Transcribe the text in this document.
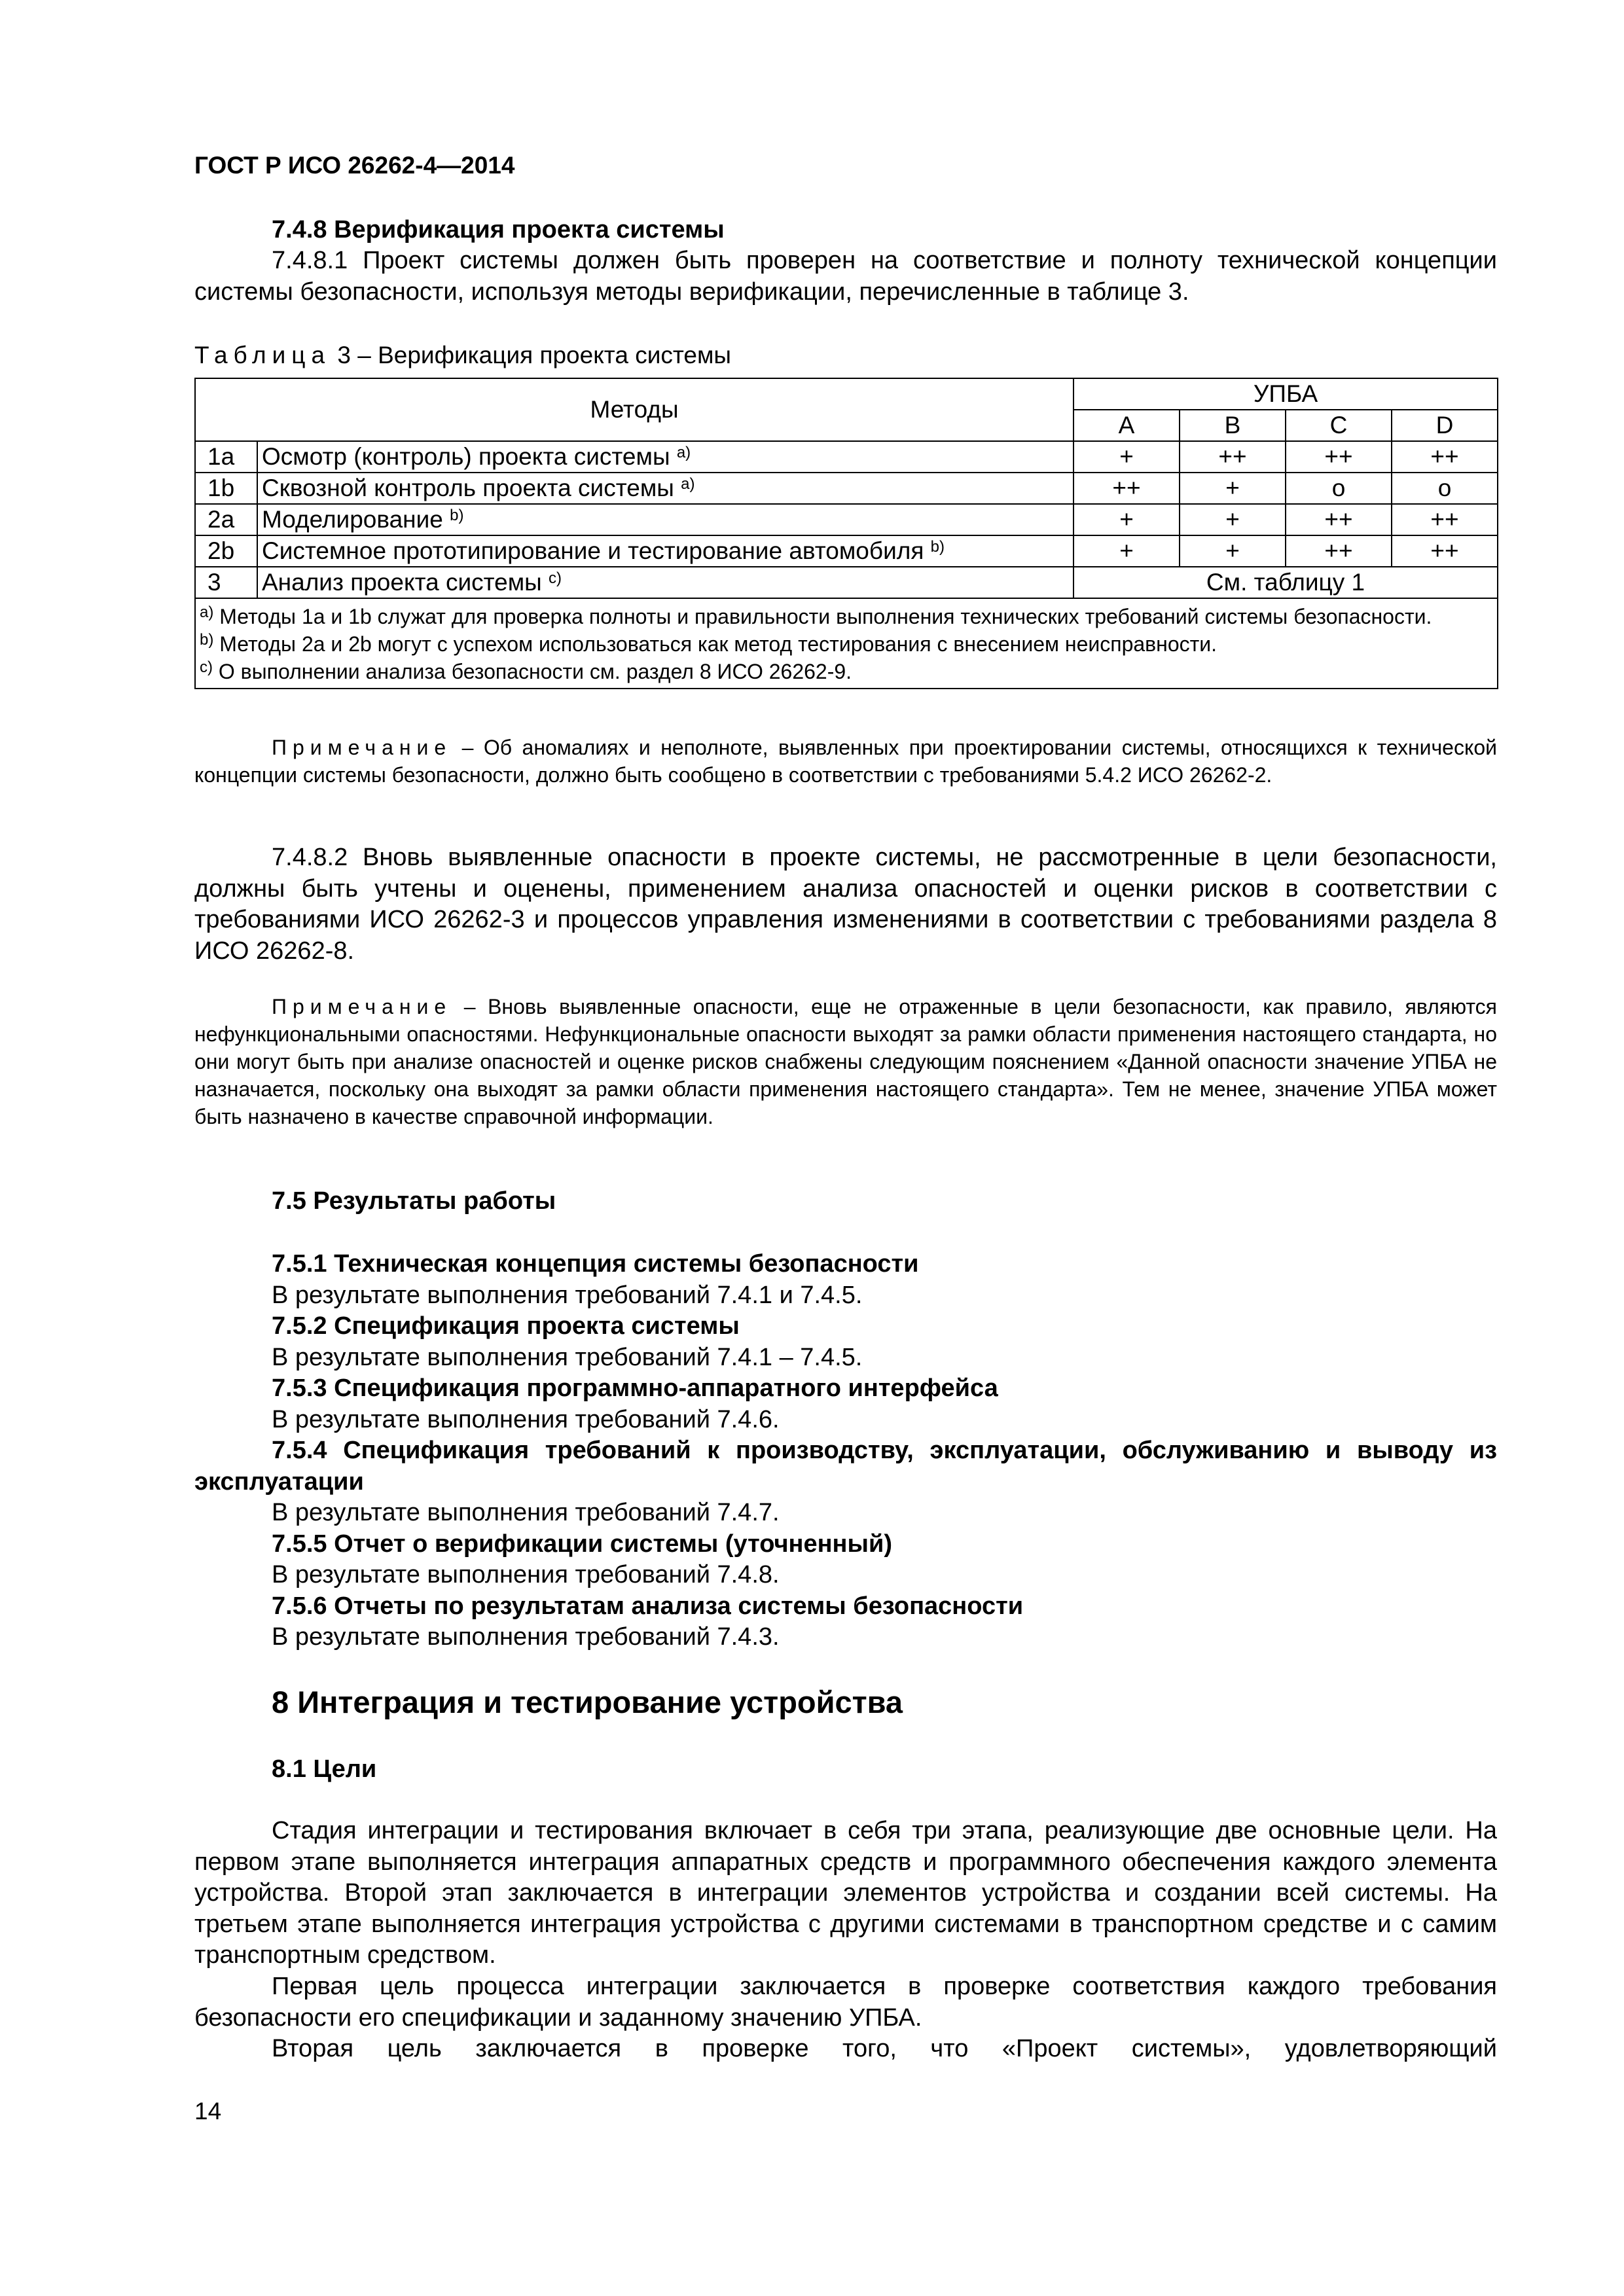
ГОСТ Р ИСО 26262-4—2014
7.4.8 Верификация проекта системы

7.4.8.1 Проект системы должен быть проверен на соответствие и полноту технической концепции системы безопасности, используя методы верификации, перечисленные в таблице 3.

Таблица 3 – Верификация проекта системы
Методы		УПБА			
		A	B	C	D
1a	Осмотр (контроль) проекта системы $^{a)}$	+	++	++	++
1b	Сквозной контроль проекта системы $^{a)}$	++	+	o	o
2a	Моделирование $^{b)}$	+	+	++	++
2b	Системное прототипирование и тестирование автомобиля $^{b)}$	+	+	++	++
3	Анализ проекта системы $^{c)}$	См. таблицу 1			

$^{a)}$ Методы 1a и 1b служат для проверка полноты и правильности выполнения технических требований системы безопасности.
$^{b)}$ Методы 2a и 2b могут с успехом использоваться как метод тестирования с внесением неисправности.
$^{c)}$ О выполнении анализа безопасности см. раздел 8 ИСО 26262-9.					

Примечание – Об аномалиях и неполноте, выявленных при проектировании системы, относящихся к технической концепции системы безопасности, должно быть сообщено в соответствии с требованиями 5.4.2 ИСО 26262-2.

7.4.8.2 Вновь выявленные опасности в проекте системы, не рассмотренные в цели безопасности, должны быть учтены и оценены, применением анализа опасностей и оценки рисков в соответствии с требованиями ИСО 26262-3 и процессов управления изменениями в соответствии с требованиями раздела 8 ИСО 26262-8.

Примечание – Вновь выявленные опасности, еще не отраженные в цели безопасности, как правило, являются нефункциональными опасностями. Нефункциональные опасности выходят за рамки области применения настоящего стандарта, но они могут быть при анализе опасностей и оценке рисков снабжены следующим пояснением «Данной опасности значение УПБА не назначается, поскольку она выходят за рамки области применения настоящего стандарта». Тем не менее, значение УПБА может быть назначено в качестве справочной информации.

7.5 Результаты работы

7.5.1 Техническая концепция системы безопасности

В результате выполнения требований 7.4.1 и 7.4.5.

7.5.2 Спецификация проекта системы

В результате выполнения требований 7.4.1 – 7.4.5.

7.5.3 Спецификация программно-аппаратного интерфейса

В результате выполнения требований 7.4.6.

7.5.4 Спецификация требований к производству, эксплуатации, обслуживанию и выводу из эксплуатации

В результате выполнения требований 7.4.7.

7.5.5 Отчет о верификации системы (уточненный)

В результате выполнения требований 7.4.8.

7.5.6 Отчеты по результатам анализа системы безопасности

В результате выполнения требований 7.4.3.

8 Интеграция и тестирование устройства
8.1 Цели

Стадия интеграции и тестирования включает в себя три этапа, реализующие две основные цели. На первом этапе выполняется интеграция аппаратных средств и программного обеспечения каждого элемента устройства. Второй этап заключается в интеграции элементов устройства и создании всей системы. На третьем этапе выполняется интеграция устройства с другими системами в транспортном средстве и с самим транспортным средством.

Первая цель процесса интеграции заключается в проверке соответствия каждого требования безопасности его спецификации и заданному значению УПБА.

Вторая цель заключается в проверке того, что «Проект системы», удовлетворяющий

14
